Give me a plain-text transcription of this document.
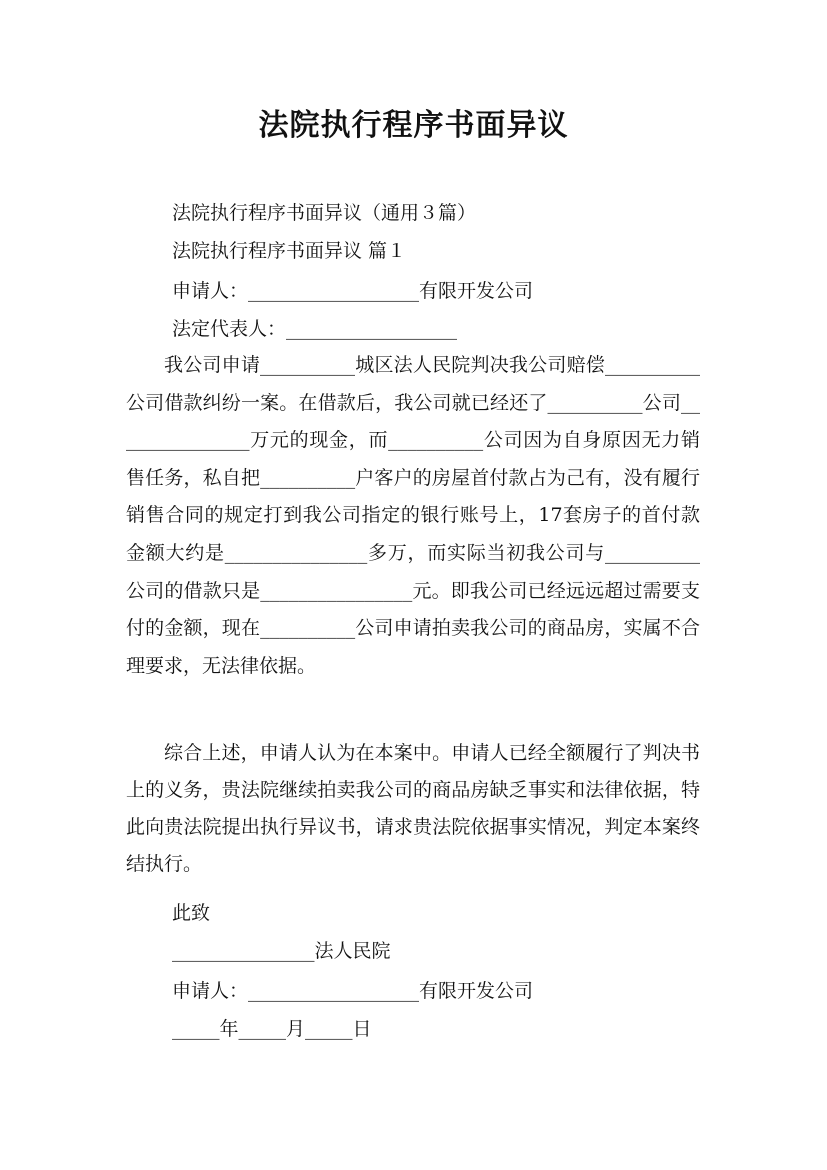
法院执行程序书面异议
法院执行程序书面异议（通用３篇）
法院执行程序书面异议 篇１
申请人：__________________有限开发公司
法定代表人：__________________
我公司申请__________城区法人民院判决我公司赔偿__________公司借款纠纷一案。在借款后，我公司就已经还了__________公司_______________万元的现金，而__________公司因为自身原因无力销售任务，私自把__________户客户的房屋首付款占为己有，没有履行销售合同的规定打到我公司指定的银行账号上，17套房子的首付款金额大约是_______________多万，而实际当初我公司与__________公司的借款只是________________元。即我公司已经远远超过需要支付的金额，现在__________公司申请拍卖我公司的商品房，实属不合理要求，无法律依据。
综合上述，申请人认为在本案中。申请人已经全额履行了判决书上的义务，贵法院继续拍卖我公司的商品房缺乏事实和法律依据，特此向贵法院提出执行异议书，请求贵法院依据事实情况，判定本案终结执行。
此致
_______________法人民院
申请人：__________________有限开发公司
_____年_____月_____日
